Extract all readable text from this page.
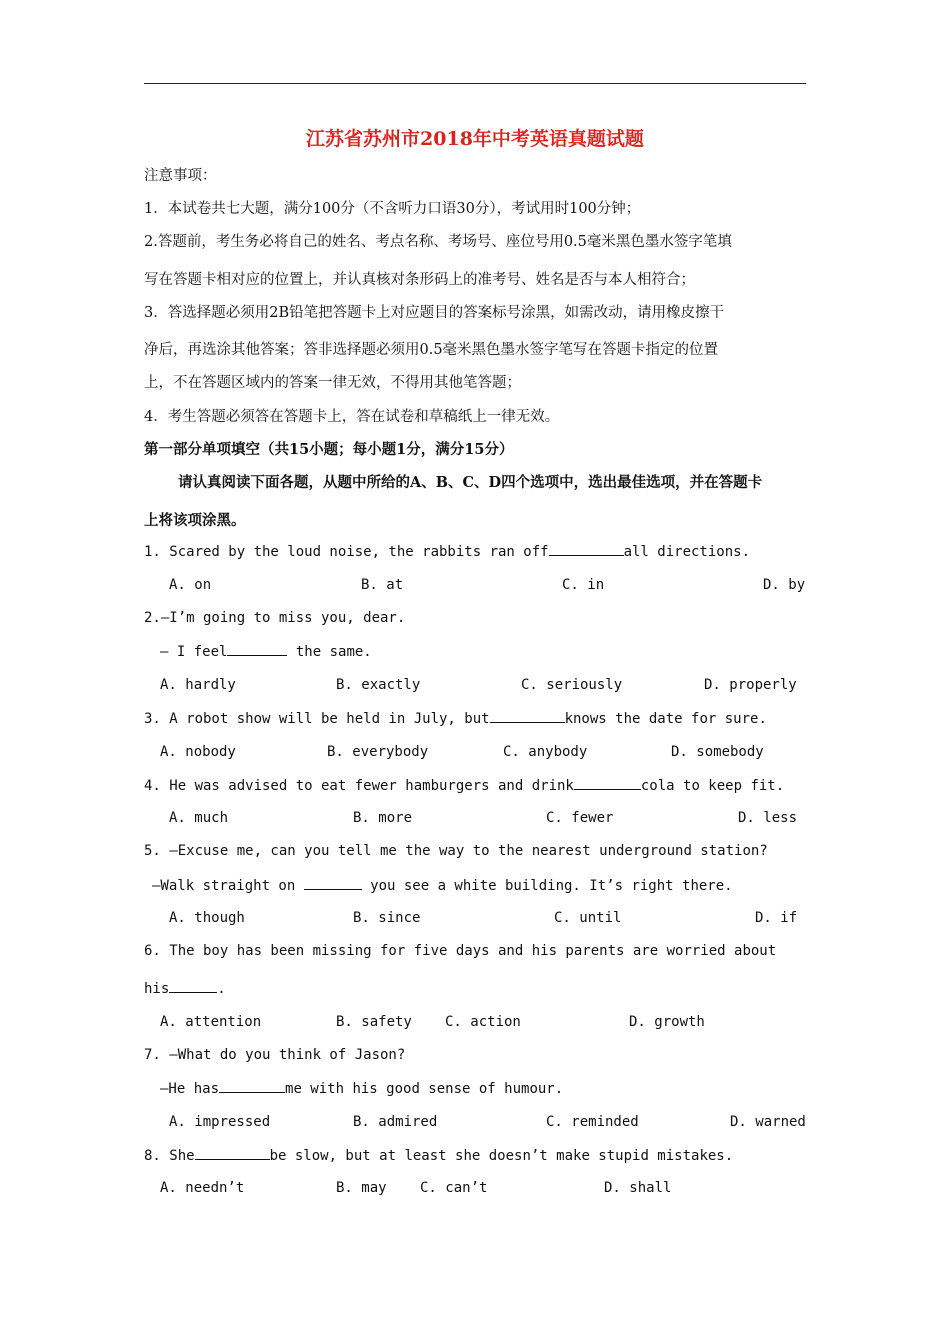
江苏省苏州市2018年中考英语真题试题
注意事项：
1．本试卷共七大题，满分100分（不含听力口语30分），考试用时100分钟；
2.答题前，考生务必将自己的姓名、考点名称、考场号、座位号用0.5毫米黑色墨水签字笔填
写在答题卡相对应的位置上，并认真核对条形码上的准考号、姓名是否与本人相符合；
3．答选择题必须用2B铅笔把答题卡上对应题目的答案标号涂黑，如需改动，请用橡皮擦干
净后，再选涂其他答案；答非选择题必须用0.5毫米黑色墨水签字笔写在答题卡指定的位置
上，不在答题区域内的答案一律无效，不得用其他笔答题；
4．考生答题必须答在答题卡上，答在试卷和草稿纸上一律无效。
第一部分单项填空（共15小题；每小题1分，满分15分）
请认真阅读下面各题，从题中所给的A、B、C、D四个选项中，选出最佳选项，并在答题卡
上将该项涂黑。
1. Scared by the loud noise, the rabbits ran off	all directions.
A. on	B. at	C. in	D. by
2.—I’m going to miss you, dear.
— I feel	the same.
A. hardly	B. exactly	C. seriously	D. properly
3. A robot show will be held in July, but	knows the date for sure.
A. nobody	B. everybody	C. anybody	D. somebody
4. He was advised to eat fewer hamburgers and drink	cola to keep fit.
A. much	B. more	C. fewer	D. less
5. —Excuse me, can you tell me the way to the nearest underground station?
—Walk straight on	you see a white building. It’s right there.
A. though	B. since	C. until	D. if
6. The boy has been missing for five days and his parents are worried about
his	.
A. attention	B. safety C. action	D. growth
7. —What do you think of Jason?
—He has	me with his good sense of humour.
A. impressed	B. admired	C. reminded	D. warned
8. She	be slow, but at least she doesn’t make stupid mistakes.
A. needn’t	B. may C. can’t	D. shall
